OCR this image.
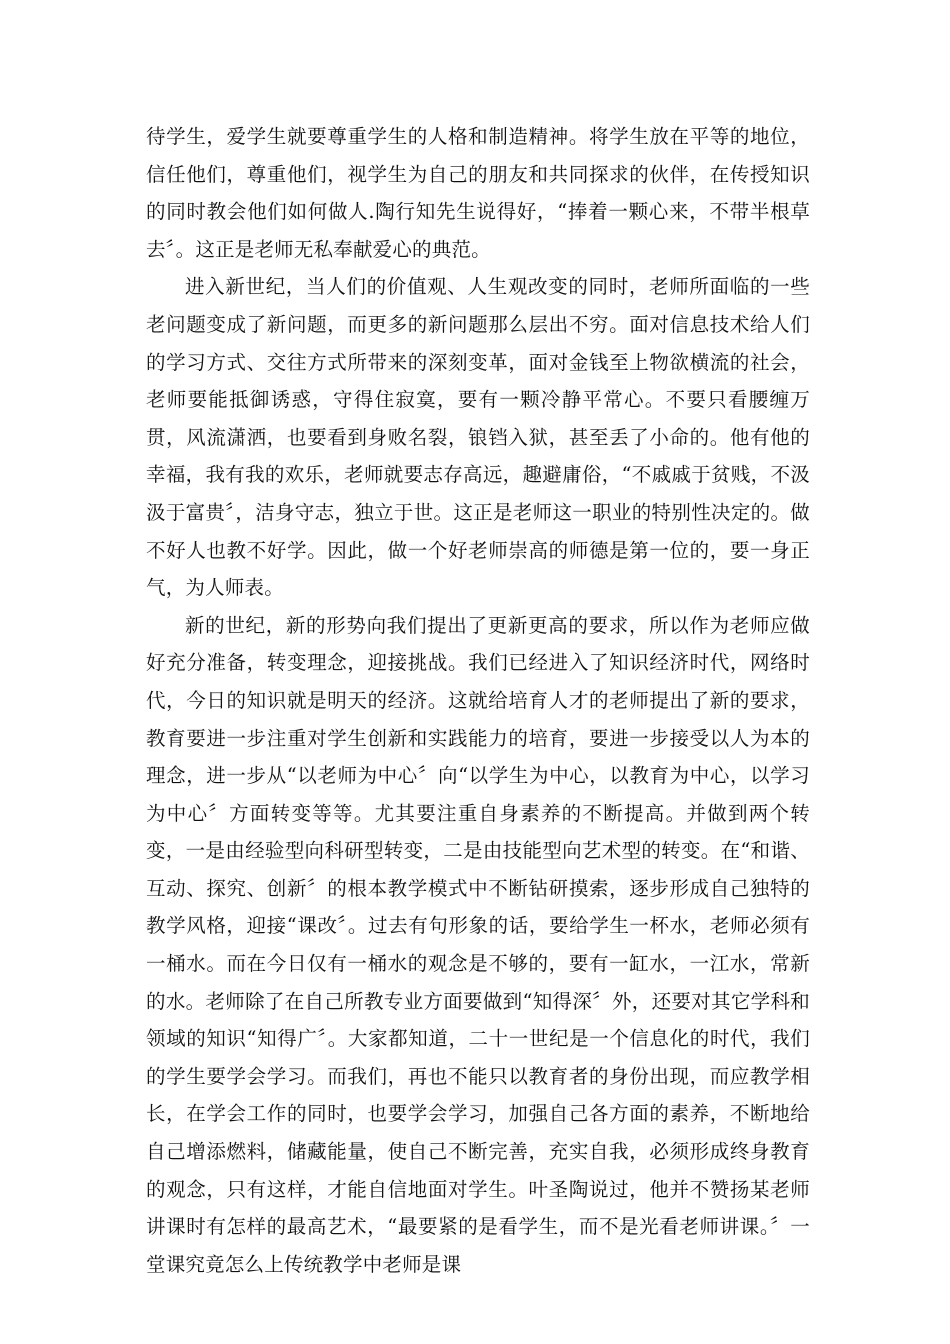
待学生，爱学生就要尊重学生的人格和制造精神。将学生放在平等的地位，信任他们，尊重他们，视学生为自己的朋友和共同探求的伙伴，在传授知识的同时教会他们如何做人.陶行知先生说得好，“捧着一颗心来，不带半根草去〞。这正是老师无私奉献爱心的典范。

进入新世纪，当人们的价值观、人生观改变的同时，老师所面临的一些老问题变成了新问题，而更多的新问题那么层出不穷。面对信息技术给人们的学习方式、交往方式所带来的深刻变革，面对金钱至上物欲横流的社会，老师要能抵御诱惑，守得住寂寞，要有一颗冷静平常心。不要只看腰缠万贯，风流潇洒，也要看到身败名裂，锒铛入狱，甚至丢了小命的。他有他的幸福，我有我的欢乐，老师就要志存高远，趣避庸俗，“不戚戚于贫贱，不汲汲于富贵〞，洁身守志，独立于世。这正是老师这一职业的特别性决定的。做不好人也教不好学。因此，做一个好老师崇高的师德是第一位的，要一身正气，为人师表。

新的世纪，新的形势向我们提出了更新更高的要求，所以作为老师应做好充分准备，转变理念，迎接挑战。我们已经进入了知识经济时代，网络时代，今日的知识就是明天的经济。这就给培育人才的老师提出了新的要求，教育要进一步注重对学生创新和实践能力的培育，要进一步接受以人为本的理念，进一步从“以老师为中心〞向“以学生为中心，以教育为中心，以学习为中心〞方面转变等等。尤其要注重自身素养的不断提高。并做到两个转变，一是由经验型向科研型转变，二是由技能型向艺术型的转变。在“和谐、互动、探究、创新〞的根本教学模式中不断钻研摸索，逐步形成自己独特的教学风格，迎接“课改〞。过去有句形象的话，要给学生一杯水，老师必须有一桶水。而在今日仅有一桶水的观念是不够的，要有一缸水，一江水，常新的水。老师除了在自己所教专业方面要做到“知得深〞外，还要对其它学科和领域的知识“知得广〞。大家都知道，二十一世纪是一个信息化的时代，我们的学生要学会学习。而我们，再也不能只以教育者的身份出现，而应教学相长，在学会工作的同时，也要学会学习，加强自己各方面的素养，不断地给自己增添燃料，储藏能量，使自己不断完善，充实自我，必须形成终身教育的观念，只有这样，才能自信地面对学生。叶圣陶说过，他并不赞扬某老师讲课时有怎样的最高艺术，“最要紧的是看学生，而不是光看老师讲课。〞一堂课究竟怎么上传统教学中老师是课
